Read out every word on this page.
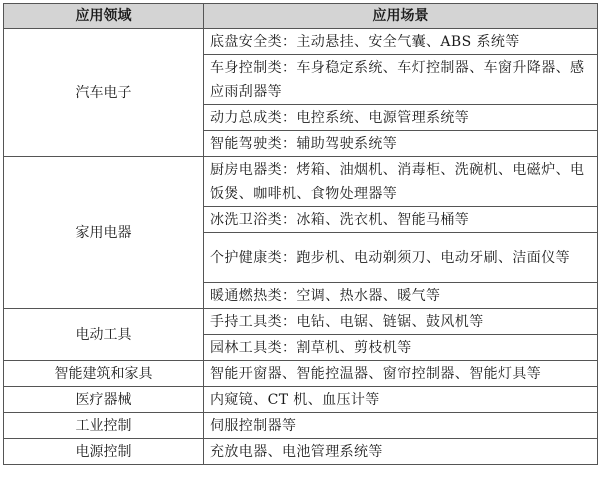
应用领域	应用场景
汽车电子	底盘安全类：主动悬挂、安全气囊、ABS 系统等
	车身控制类：车身稳定系统、车灯控制器、车窗升降器、感应雨刮器等
	动力总成类：电控系统、电源管理系统等
	智能驾驶类：辅助驾驶系统等
家用电器	厨房电器类：烤箱、油烟机、消毒柜、洗碗机、电磁炉、电饭煲、咖啡机、食物处理器等
	冰洗卫浴类：冰箱、洗衣机、智能马桶等
	个护健康类：跑步机、电动剃须刀、电动牙刷、洁面仪等
	暖通燃热类：空调、热水器、暖气等
电动工具	手持工具类：电钻、电锯、链锯、鼓风机等
	园林工具类：割草机、剪枝机等
智能建筑和家具	智能开窗器、智能控温器、窗帘控制器、智能灯具等
医疗器械	内窥镜、CT 机、血压计等
工业控制	伺服控制器等
电源控制	充放电器、电池管理系统等
